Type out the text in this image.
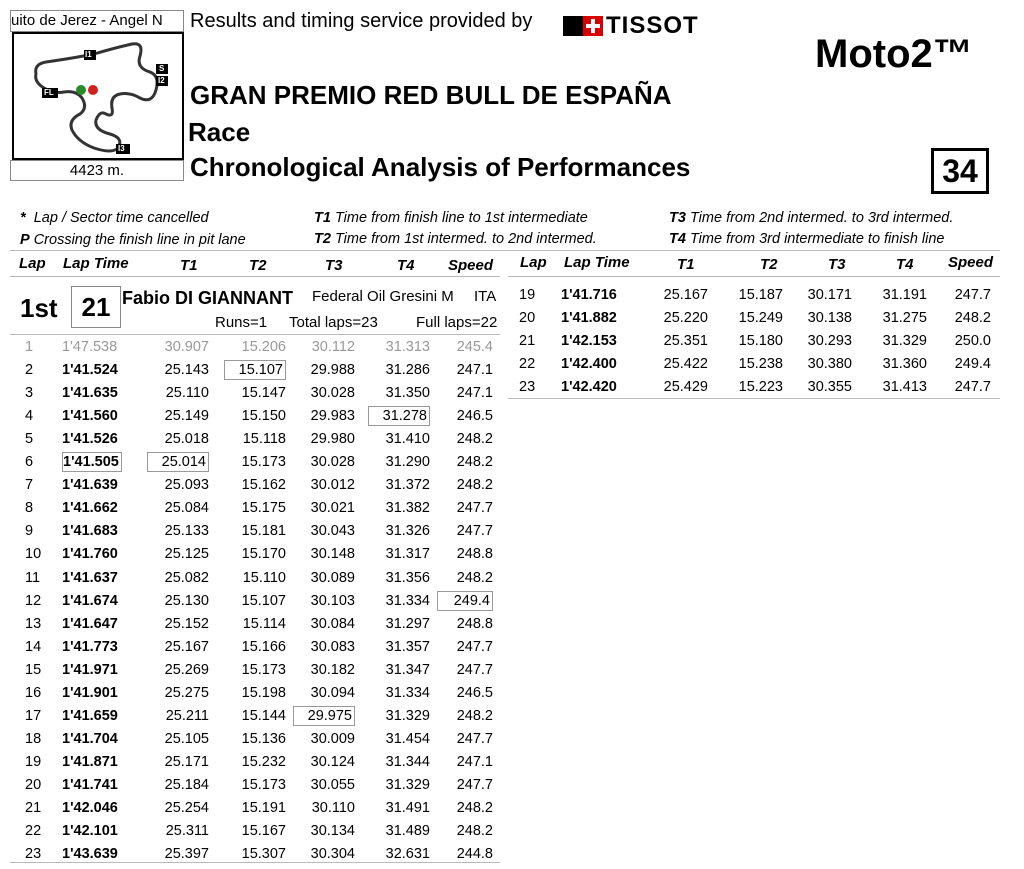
uito de Jerez - Angel N
I1
I2
I3
S
FL
4423 m.
Results and timing service provided by	TISSOT
Moto2™
GRAN PREMIO RED BULL DE ESPAÑA
Race
Chronological Analysis of Performances	34
* Lap / Sector time cancelled
P Crossing the finish line in pit lane
T1 Time from finish line to 1st intermediate
T2 Time from 1st intermed. to 2nd intermed.
T3 Time from 2nd intermed. to 3rd intermed.
T4 Time from 3rd intermediate to finish line
Lap Lap Time	T1	T2	T3	T4 Speed Lap Lap Time	T1	T2	T3	T4 Speed
1st 21 Fabio DI GIANNANT Federal Oil Gresini M ITA
Runs=1 Total laps=23	Full laps=22
1 1'47.538	30.907	15.206	30.112	31.313	245.4
2 1'41.524	25.143	15.107	29.988	31.286	247.1
3 1'41.635	25.110	15.147	30.028	31.350	247.1
4 1'41.560	25.149	15.150	29.983	31.278	246.5
5 1'41.526	25.018	15.118	29.980	31.410	248.2
6 1'41.505	25.014	15.173	30.028	31.290	248.2
7 1'41.639	25.093	15.162	30.012	31.372	248.2
8 1'41.662	25.084	15.175	30.021	31.382	247.7
9 1'41.683	25.133	15.181	30.043	31.326	247.7
10 1'41.760	25.125	15.170	30.148	31.317	248.8
11 1'41.637	25.082	15.110	30.089	31.356	248.2
12 1'41.674	25.130	15.107	30.103	31.334	249.4
13 1'41.647	25.152	15.114	30.084	31.297	248.8
14 1'41.773	25.167	15.166	30.083	31.357	247.7
15 1'41.971	25.269	15.173	30.182	31.347	247.7
16 1'41.901	25.275	15.198	30.094	31.334	246.5
17 1'41.659	25.211	15.144	29.975	31.329	248.2
18 1'41.704	25.105	15.136	30.009	31.454	247.7
19 1'41.871	25.171	15.232	30.124	31.344	247.1
20 1'41.741	25.184	15.173	30.055	31.329	247.7
21 1'42.046	25.254	15.191	30.110	31.491	248.2
22 1'42.101	25.311	15.167	30.134	31.489	248.2
23 1'43.639	25.397	15.307	30.304	32.631	244.8
19 1'41.716	25.167	15.187	30.171	31.191	247.7
20 1'41.882	25.220	15.249	30.138	31.275	248.2
21 1'42.153	25.351	15.180	30.293	31.329	250.0
22 1'42.400	25.422	15.238	30.380	31.360	249.4
23 1'42.420	25.429	15.223	30.355	31.413	247.7
